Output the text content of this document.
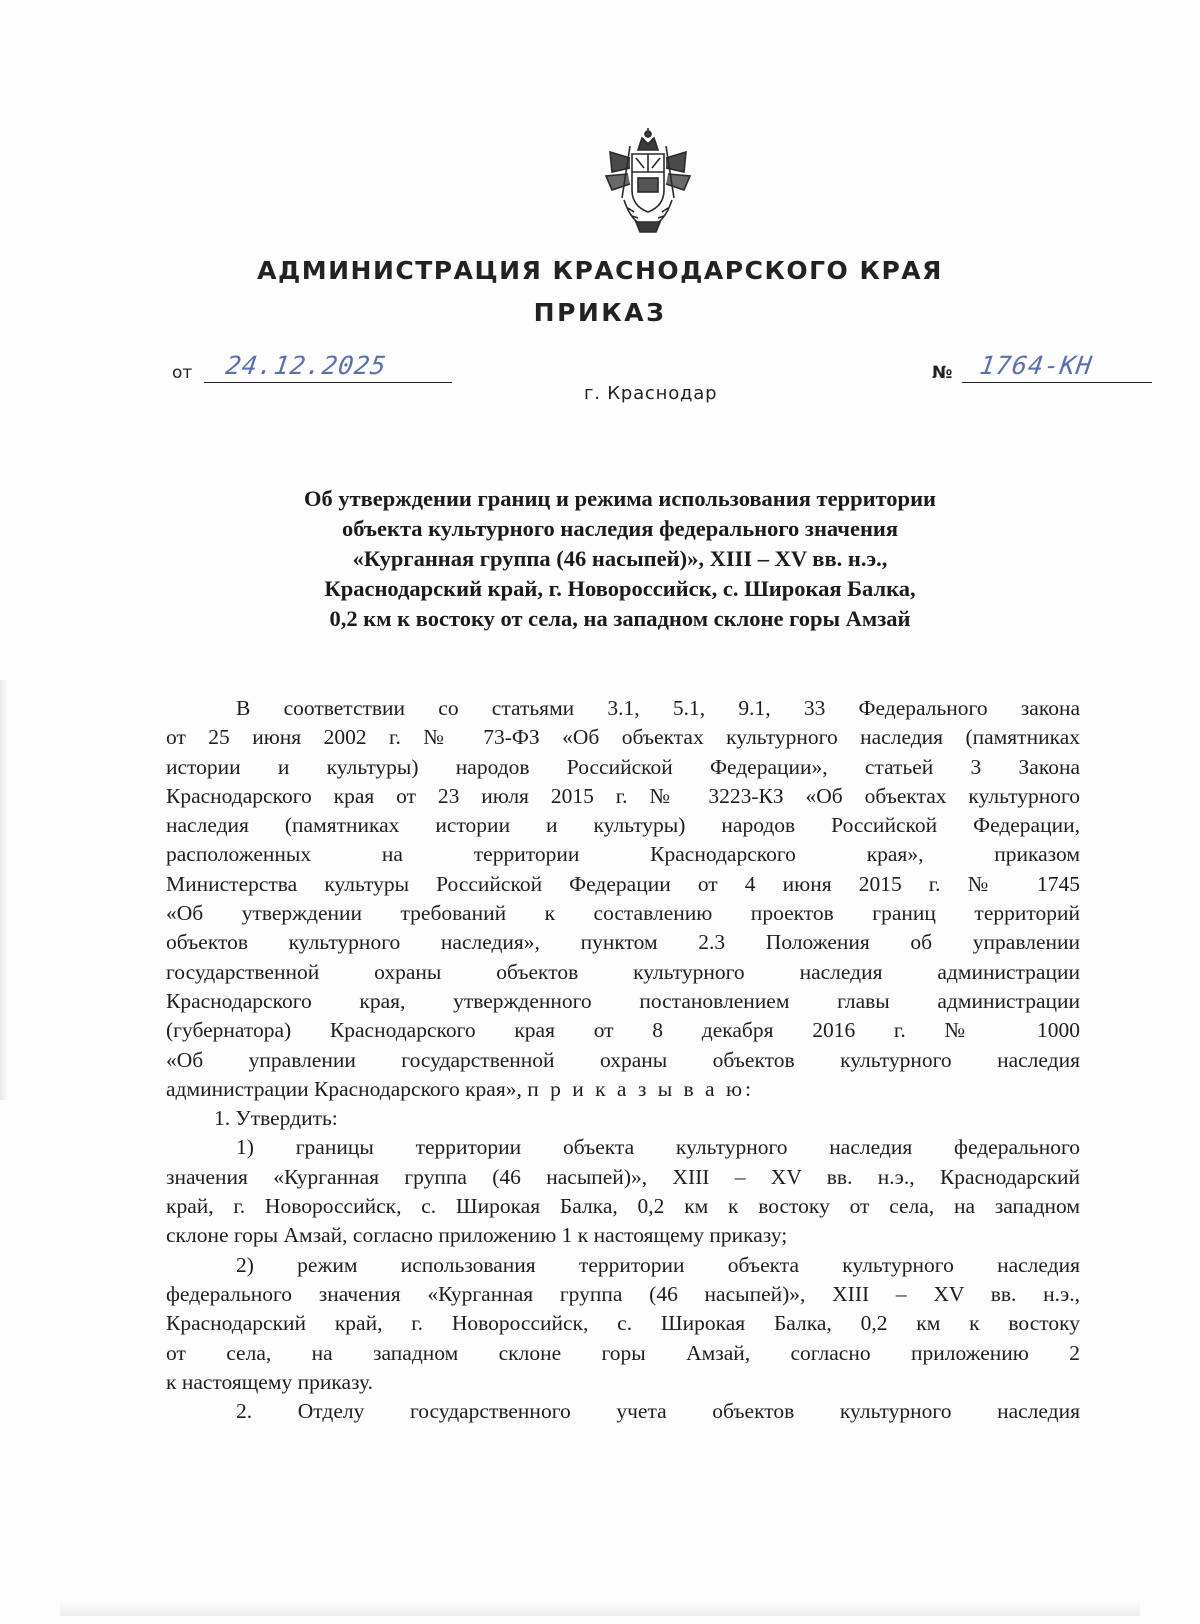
АДМИНИСТРАЦИЯ КРАСНОДАРСКОГО КРАЯ
ПРИКАЗ
от 24.12.2025	№ 1764-КН
г. Краснодар
Об утверждении границ и режима использования территории
объекта культурного наследия федерального значения
«Курганная группа (46 насыпей)», XIII – XV вв. н.э.,
Краснодарский край, г. Новороссийск, с. Широкая Балка,
0,2 км к востоку от села, на западном склоне горы Амзай
В соответствии со статьями 3.1, 5.1, 9.1, 33 Федерального закона
от 25 июня 2002 г. № 73-ФЗ «Об объектах культурного наследия (памятниках
истории и культуры) народов Российской Федерации», статьей 3 Закона
Краснодарского края от 23 июля 2015 г. № 3223-КЗ «Об объектах культурного
наследия (памятниках истории и культуры) народов Российской Федерации,
расположенных на территории Краснодарского края», приказом
Министерства культуры Российской Федерации от 4 июня 2015 г. № 1745
«Об утверждении требований к составлению проектов границ территорий
объектов культурного наследия», пунктом 2.3 Положения об управлении
государственной охраны объектов культурного наследия администрации
Краснодарского края, утвержденного постановлением главы администрации
(губернатора) Краснодарского края от 8 декабря 2016 г. № 1000
«Об управлении государственной охраны объектов культурного наследия
администрации Краснодарского края», п р и к а з ы в а ю:
1. Утвердить:
1) границы территории объекта культурного наследия федерального
значения «Курганная группа (46 насыпей)», XIII – XV вв. н.э., Краснодарский
край, г. Новороссийск, с. Широкая Балка, 0,2 км к востоку от села, на западном
склоне горы Амзай, согласно приложению 1 к настоящему приказу;
2) режим использования территории объекта культурного наследия
федерального значения «Курганная группа (46 насыпей)», XIII – XV вв. н.э.,
Краснодарский край, г. Новороссийск, с. Широкая Балка, 0,2 км к востоку
от села, на западном склоне горы Амзай, согласно приложению 2
к настоящему приказу.
2. Отделу государственного учета объектов культурного наследия
